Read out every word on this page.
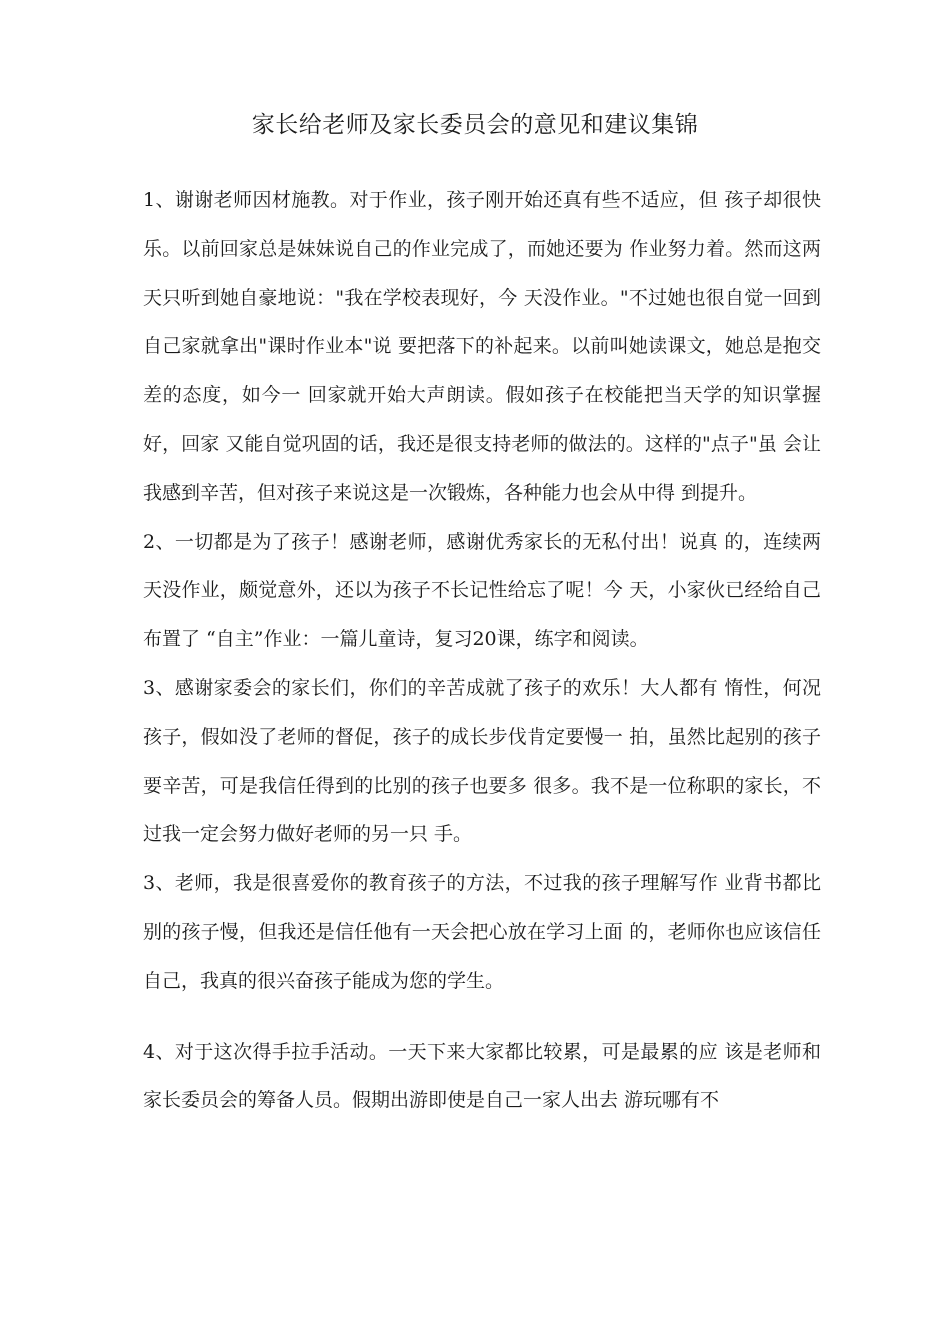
家长给老师及家长委员会的意见和建议集锦

1、谢谢老师因材施教。对于作业，孩子刚开始还真有些不适应，但 孩子却很快乐。以前回家总是妹妹说自己的作业完成了，而她还要为 作业努力着。然而这两天只听到她自豪地说："我在学校表现好，今 天没作业。"不过她也很自觉一回到自己家就拿出"课时作业本"说 要把落下的补起来。以前叫她读课文，她总是抱交差的态度，如今一 回家就开始大声朗读。假如孩子在校能把当天学的知识掌握好，回家 又能自觉巩固的话，我还是很支持老师的做法的。这样的"点子"虽 会让我感到辛苦，但对孩子来说这是一次锻炼，各种能力也会从中得 到提升。

2、一切都是为了孩子！感谢老师，感谢优秀家长的无私付出！说真 的，连续两天没作业，颇觉意外，还以为孩子不长记性给忘了呢！今 天，小家伙已经给自己布置了 “自主”作业：一篇儿童诗，复习20课，练字和阅读。

3、感谢家委会的家长们，你们的辛苦成就了孩子的欢乐！大人都有 惰性，何况孩子，假如没了老师的督促，孩子的成长步伐肯定要慢一 拍，虽然比起别的孩子要辛苦，可是我信任得到的比别的孩子也要多 很多。我不是一位称职的家长，不过我一定会努力做好老师的另一只 手。

3、老师，我是很喜爱你的教育孩子的方法，不过我的孩子理解写作 业背书都比别的孩子慢，但我还是信任他有一天会把心放在学习上面 的，老师你也应该信任自己，我真的很兴奋孩子能成为您的学生。

4、对于这次得手拉手活动。一天下来大家都比较累，可是最累的应 该是老师和家长委员会的筹备人员。假期出游即使是自己一家人出去 游玩哪有不
